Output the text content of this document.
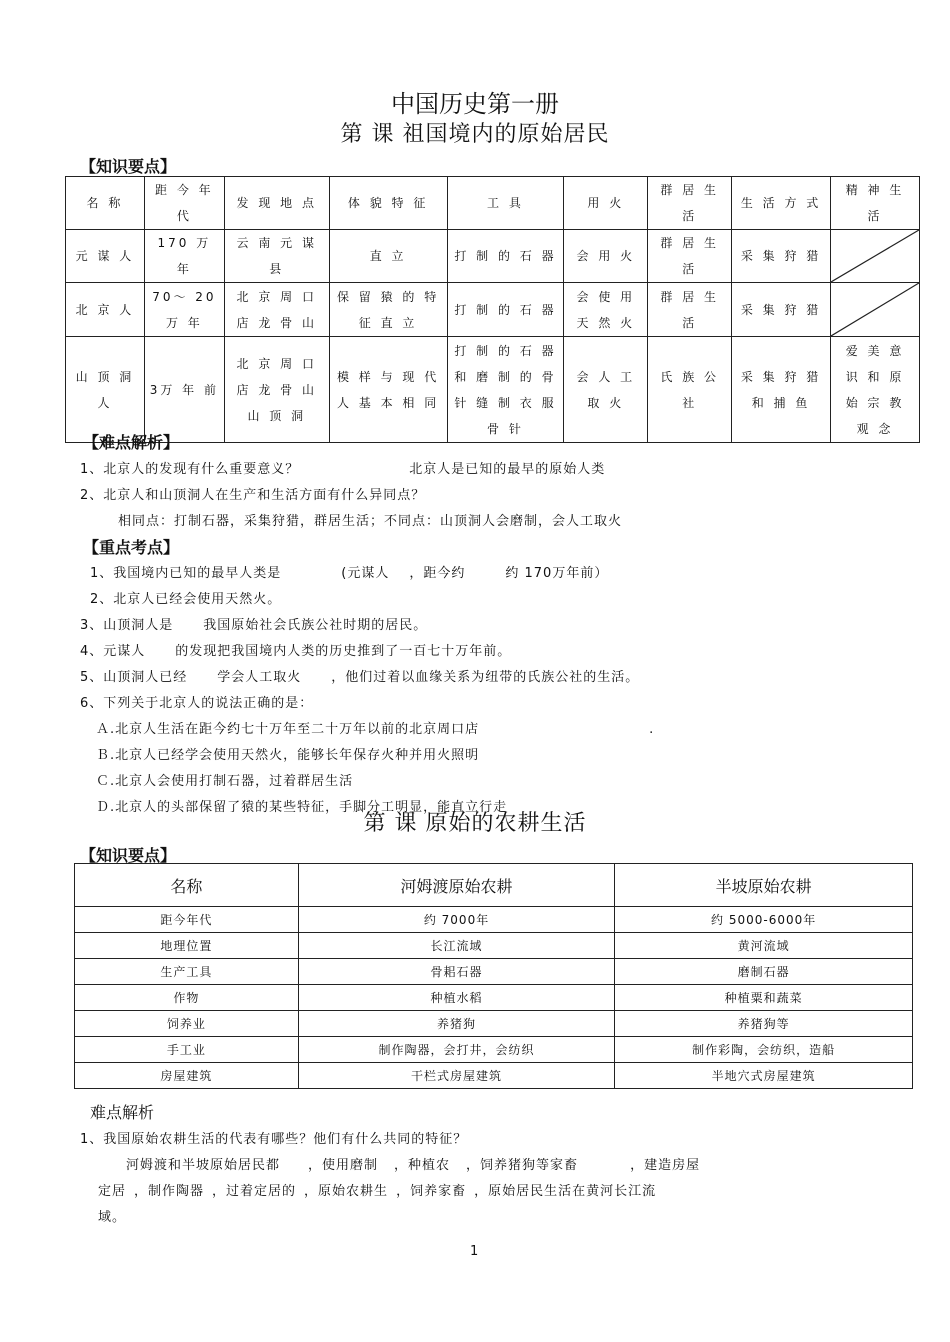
中国历史第一册
第 课 祖国境内的原始居民
【知识要点】
名 称	距 今 年 代	发 现 地 点	体 貌 特 征	工 具	用 火	群 居 生 活	生 活 方 式	精 神 生 活
元 谋 人	170 万 年	云 南 元 谋 县	直 立	打 制 的 石 器	会 用 火	群 居 生 活	采 集 狩 猎	

北 京 人	70～ 20万 年	北 京 周 口 店 龙 骨 山	保 留 猿 的 特 征 直 立	打 制 的 石 器	会 使 用 天 然 火	群 居 生 活	采 集 狩 猎	

山 顶 洞 人	3万 年 前	北 京 周 口 店 龙 骨 山 山 顶 洞	模 样 与 现 代 人 基 本 相 同	打 制 的 石 器 和 磨 制 的 骨 针 缝 制 衣 服 骨 针	会 人 工 取 火	氏 族 公 社	采 集 狩 猎 和 捕 鱼	爱 美 意 识 和 原 始 宗 教 观 念
【难点解析】
1、北京人的发现有什么重要意义？	北京人是已知的最早的原始人类
2、北京人和山顶洞人在生产和生活方面有什么异同点？
相同点：打制石器，采集狩猎，群居生活；不同点：山顶洞人会磨制，会人工取火
【重点考点】
1、我国境内已知的最早人类是	(元谋人 ，距今约	约 170万年前）
2、北京人已经会使用天然火。
3、山顶洞人是 我国原始社会氏族公社时期的居民。
4、元谋人 的发现把我国境内人类的历史推到了一百七十万年前。
5、山顶洞人已经 学会人工取火 ，他们过着以血缘关系为纽带的氏族公社的生活。
6、下列关于北京人的说法正确的是：
Ａ.北京人生活在距今约七十万年至二十万年以前的北京周口店	.
Ｂ.北京人已经学会使用天然火，能够长年保存火种并用火照明
Ｃ.北京人会使用打制石器，过着群居生活
Ｄ.北京人的头部保留了猿的某些特征，手脚分工明显，能直立行走
第 课 原始的农耕生活
【知识要点】
名称	河姆渡原始农耕	半坡原始农耕
距今年代	约 7000年	约 5000-6000年
地理位置	长江流域	黄河流域
生产工具	骨耜石器	磨制石器
作物	种植水稻	种植粟和蔬菜
饲养业	养猪狗	养猪狗等
手工业	制作陶器，会打井，会纺织	制作彩陶，会纺织，造船
房屋建筑	干栏式房屋建筑	半地穴式房屋建筑
难点解析
1、我国原始农耕生活的代表有哪些？他们有什么共同的特征？
河姆渡和半坡原始居民都 ，使用磨制 ，种植农 ，饲养猪狗等家畜	，建造房屋
定居 ，制作陶器 ，过着定居的 ，原始农耕生 ，饲养家畜 ，原始居民生活在黄河长江流
域。
1
